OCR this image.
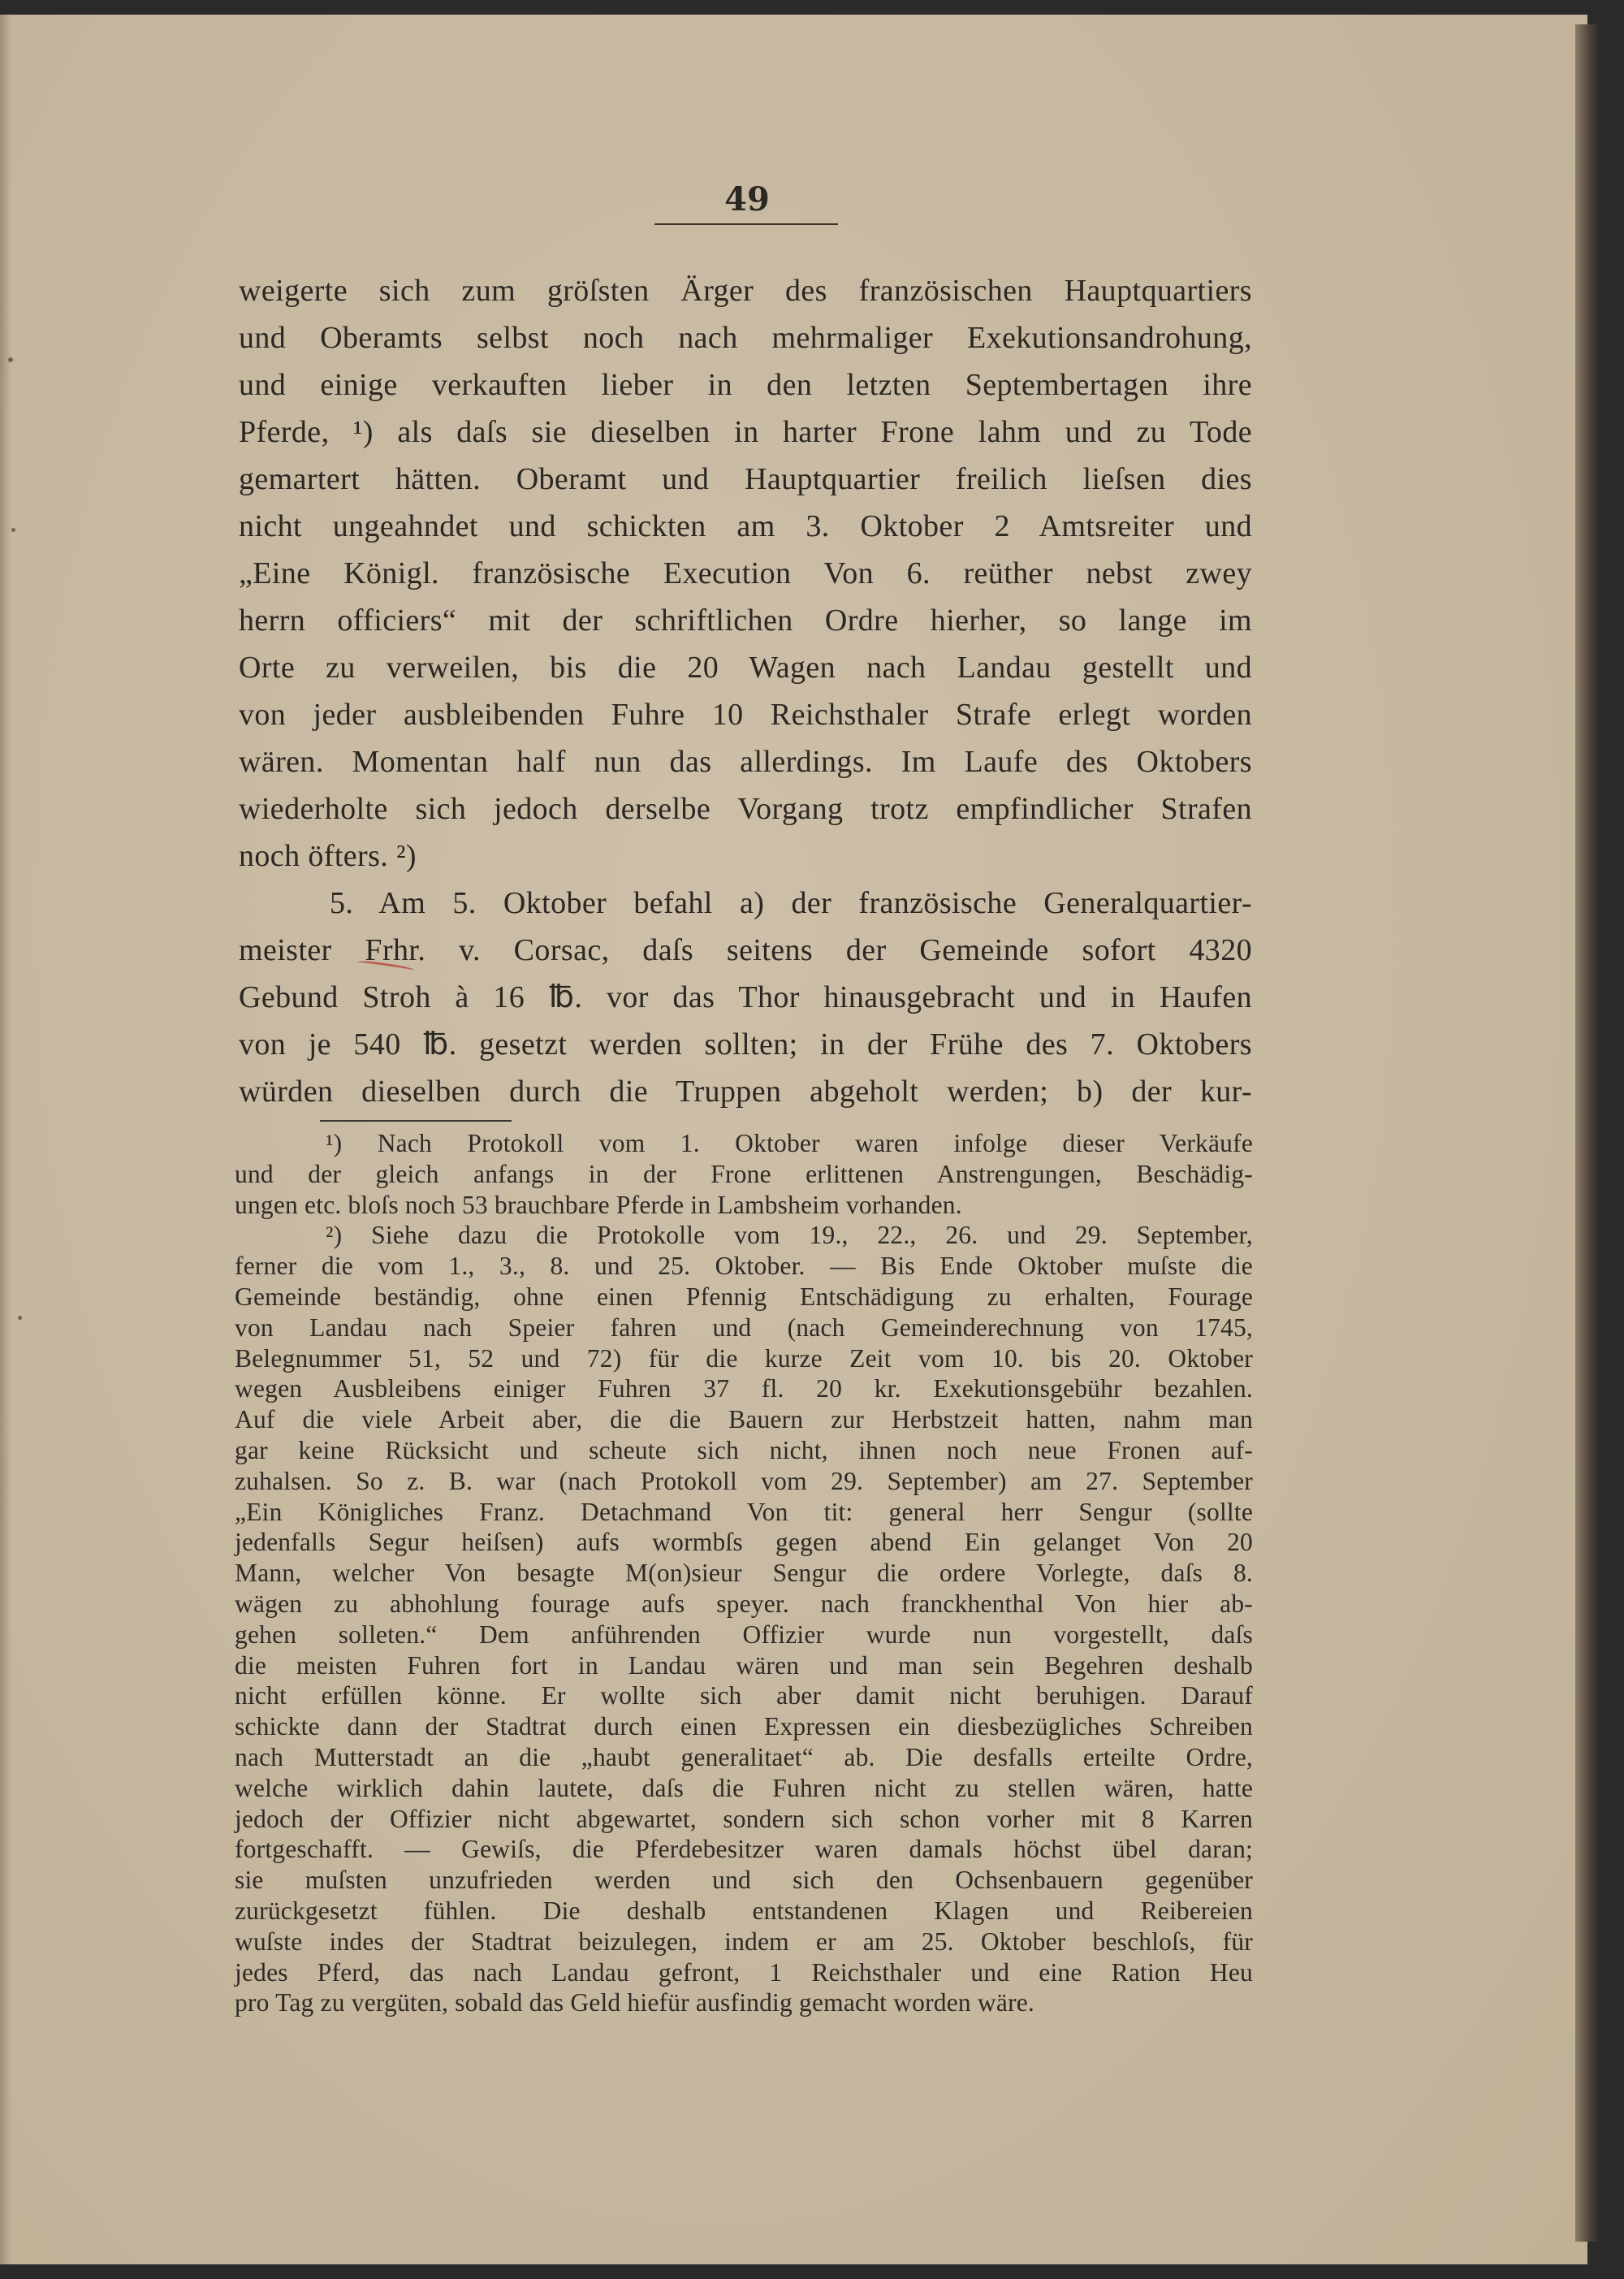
49
weigerte sich zum gröſsten Ärger des französischen Hauptquartiers
und Oberamts selbst noch nach mehrmaliger Exekutionsandrohung,
und einige verkauften lieber in den letzten Septembertagen ihre
Pferde, ¹) als daſs sie dieselben in harter Frone lahm und zu Tode
gemartert hätten. Oberamt und Hauptquartier freilich lieſsen dies
nicht ungeahndet und schickten am 3. Oktober 2 Amtsreiter und
„Eine Königl. französische Execution Von 6. reüther nebst zwey
herrn officiers“ mit der schriftlichen Ordre hierher, so lange im
Orte zu verweilen, bis die 20 Wagen nach Landau gestellt und
von jeder ausbleibenden Fuhre 10 Reichsthaler Strafe erlegt worden
wären. Momentan half nun das allerdings. Im Laufe des Oktobers
wiederholte sich jedoch derselbe Vorgang trotz empfindlicher Strafen
noch öfters. ²)
5. Am 5. Oktober befahl a) der französische Generalquartier-
meister Frhr. v. Corsac, daſs seitens der Gemeinde sofort 4320
Gebund Stroh à 16 ℔. vor das Thor hinausgebracht und in Haufen
von je 540 ℔. gesetzt werden sollten; in der Frühe des 7. Oktobers
würden dieselben durch die Truppen abgeholt werden; b) der kur-
¹) Nach Protokoll vom 1. Oktober waren infolge dieser Verkäufe
und der gleich anfangs in der Frone erlittenen Anstrengungen, Beschädig-
ungen etc. bloſs noch 53 brauchbare Pferde in Lambsheim vorhanden.
²) Siehe dazu die Protokolle vom 19., 22., 26. und 29. September,
ferner die vom 1., 3., 8. und 25. Oktober. — Bis Ende Oktober muſste die
Gemeinde beständig, ohne einen Pfennig Entschädigung zu erhalten, Fourage
von Landau nach Speier fahren und (nach Gemeinderechnung von 1745,
Belegnummer 51, 52 und 72) für die kurze Zeit vom 10. bis 20. Oktober
wegen Ausbleibens einiger Fuhren 37 fl. 20 kr. Exekutionsgebühr bezahlen.
Auf die viele Arbeit aber, die die Bauern zur Herbstzeit hatten, nahm man
gar keine Rücksicht und scheute sich nicht, ihnen noch neue Fronen auf-
zuhalsen. So z. B. war (nach Protokoll vom 29. September) am 27. September
„Ein Königliches Franz. Detachmand Von tit: general herr Sengur (sollte
jedenfalls Segur heiſsen) aufs wormbſs gegen abend Ein gelanget Von 20
Mann, welcher Von besagte M(on)sieur Sengur die ordere Vorlegte, daſs 8.
wägen zu abhohlung fourage aufs speyer. nach franckhenthal Von hier ab-
gehen solleten.“ Dem anführenden Offizier wurde nun vorgestellt, daſs
die meisten Fuhren fort in Landau wären und man sein Begehren deshalb
nicht erfüllen könne. Er wollte sich aber damit nicht beruhigen. Darauf
schickte dann der Stadtrat durch einen Expressen ein diesbezügliches Schreiben
nach Mutterstadt an die „haubt generalitaet“ ab. Die desfalls erteilte Ordre,
welche wirklich dahin lautete, daſs die Fuhren nicht zu stellen wären, hatte
jedoch der Offizier nicht abgewartet, sondern sich schon vorher mit 8 Karren
fortgeschafft. — Gewiſs, die Pferdebesitzer waren damals höchst übel daran;
sie muſsten unzufrieden werden und sich den Ochsenbauern gegenüber
zurückgesetzt fühlen. Die deshalb entstandenen Klagen und Reibereien
wuſste indes der Stadtrat beizulegen, indem er am 25. Oktober beschloſs, für
jedes Pferd, das nach Landau gefront, 1 Reichsthaler und eine Ration Heu
pro Tag zu vergüten, sobald das Geld hiefür ausfindig gemacht worden wäre.
